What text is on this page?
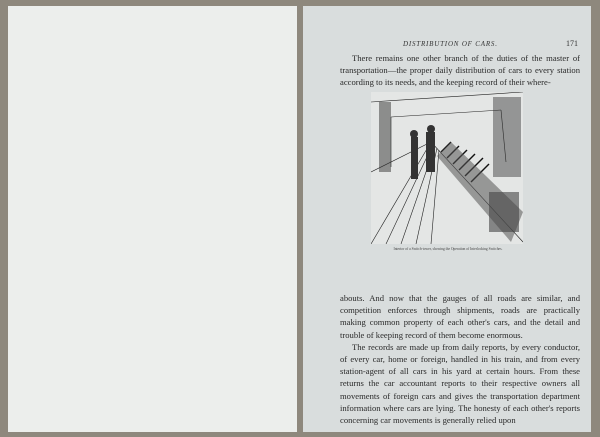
DISTRIBUTION OF CARS.	171

There remains one other branch of the duties of the master of transportation—the proper daily distribution of cars to every station according to its needs, and the keeping record of their where-

Interior of a Switch-tower, showing the Operation of Interlocking Switches.

abouts. And now that the gauges of all roads are similar, and competition enforces through shipments, roads are practically making common property of each other's cars, and the detail and trouble of keeping record of them become enormous.

The records are made up from daily reports, by every conductor, of every car, home or foreign, handled in his train, and from every station-agent of all cars in his yard at certain hours. From these returns the car accountant reports to their respective owners all movements of foreign cars and gives the transportation department information where cars are lying. The honesty of each other's reports concerning car movements is generally relied upon
